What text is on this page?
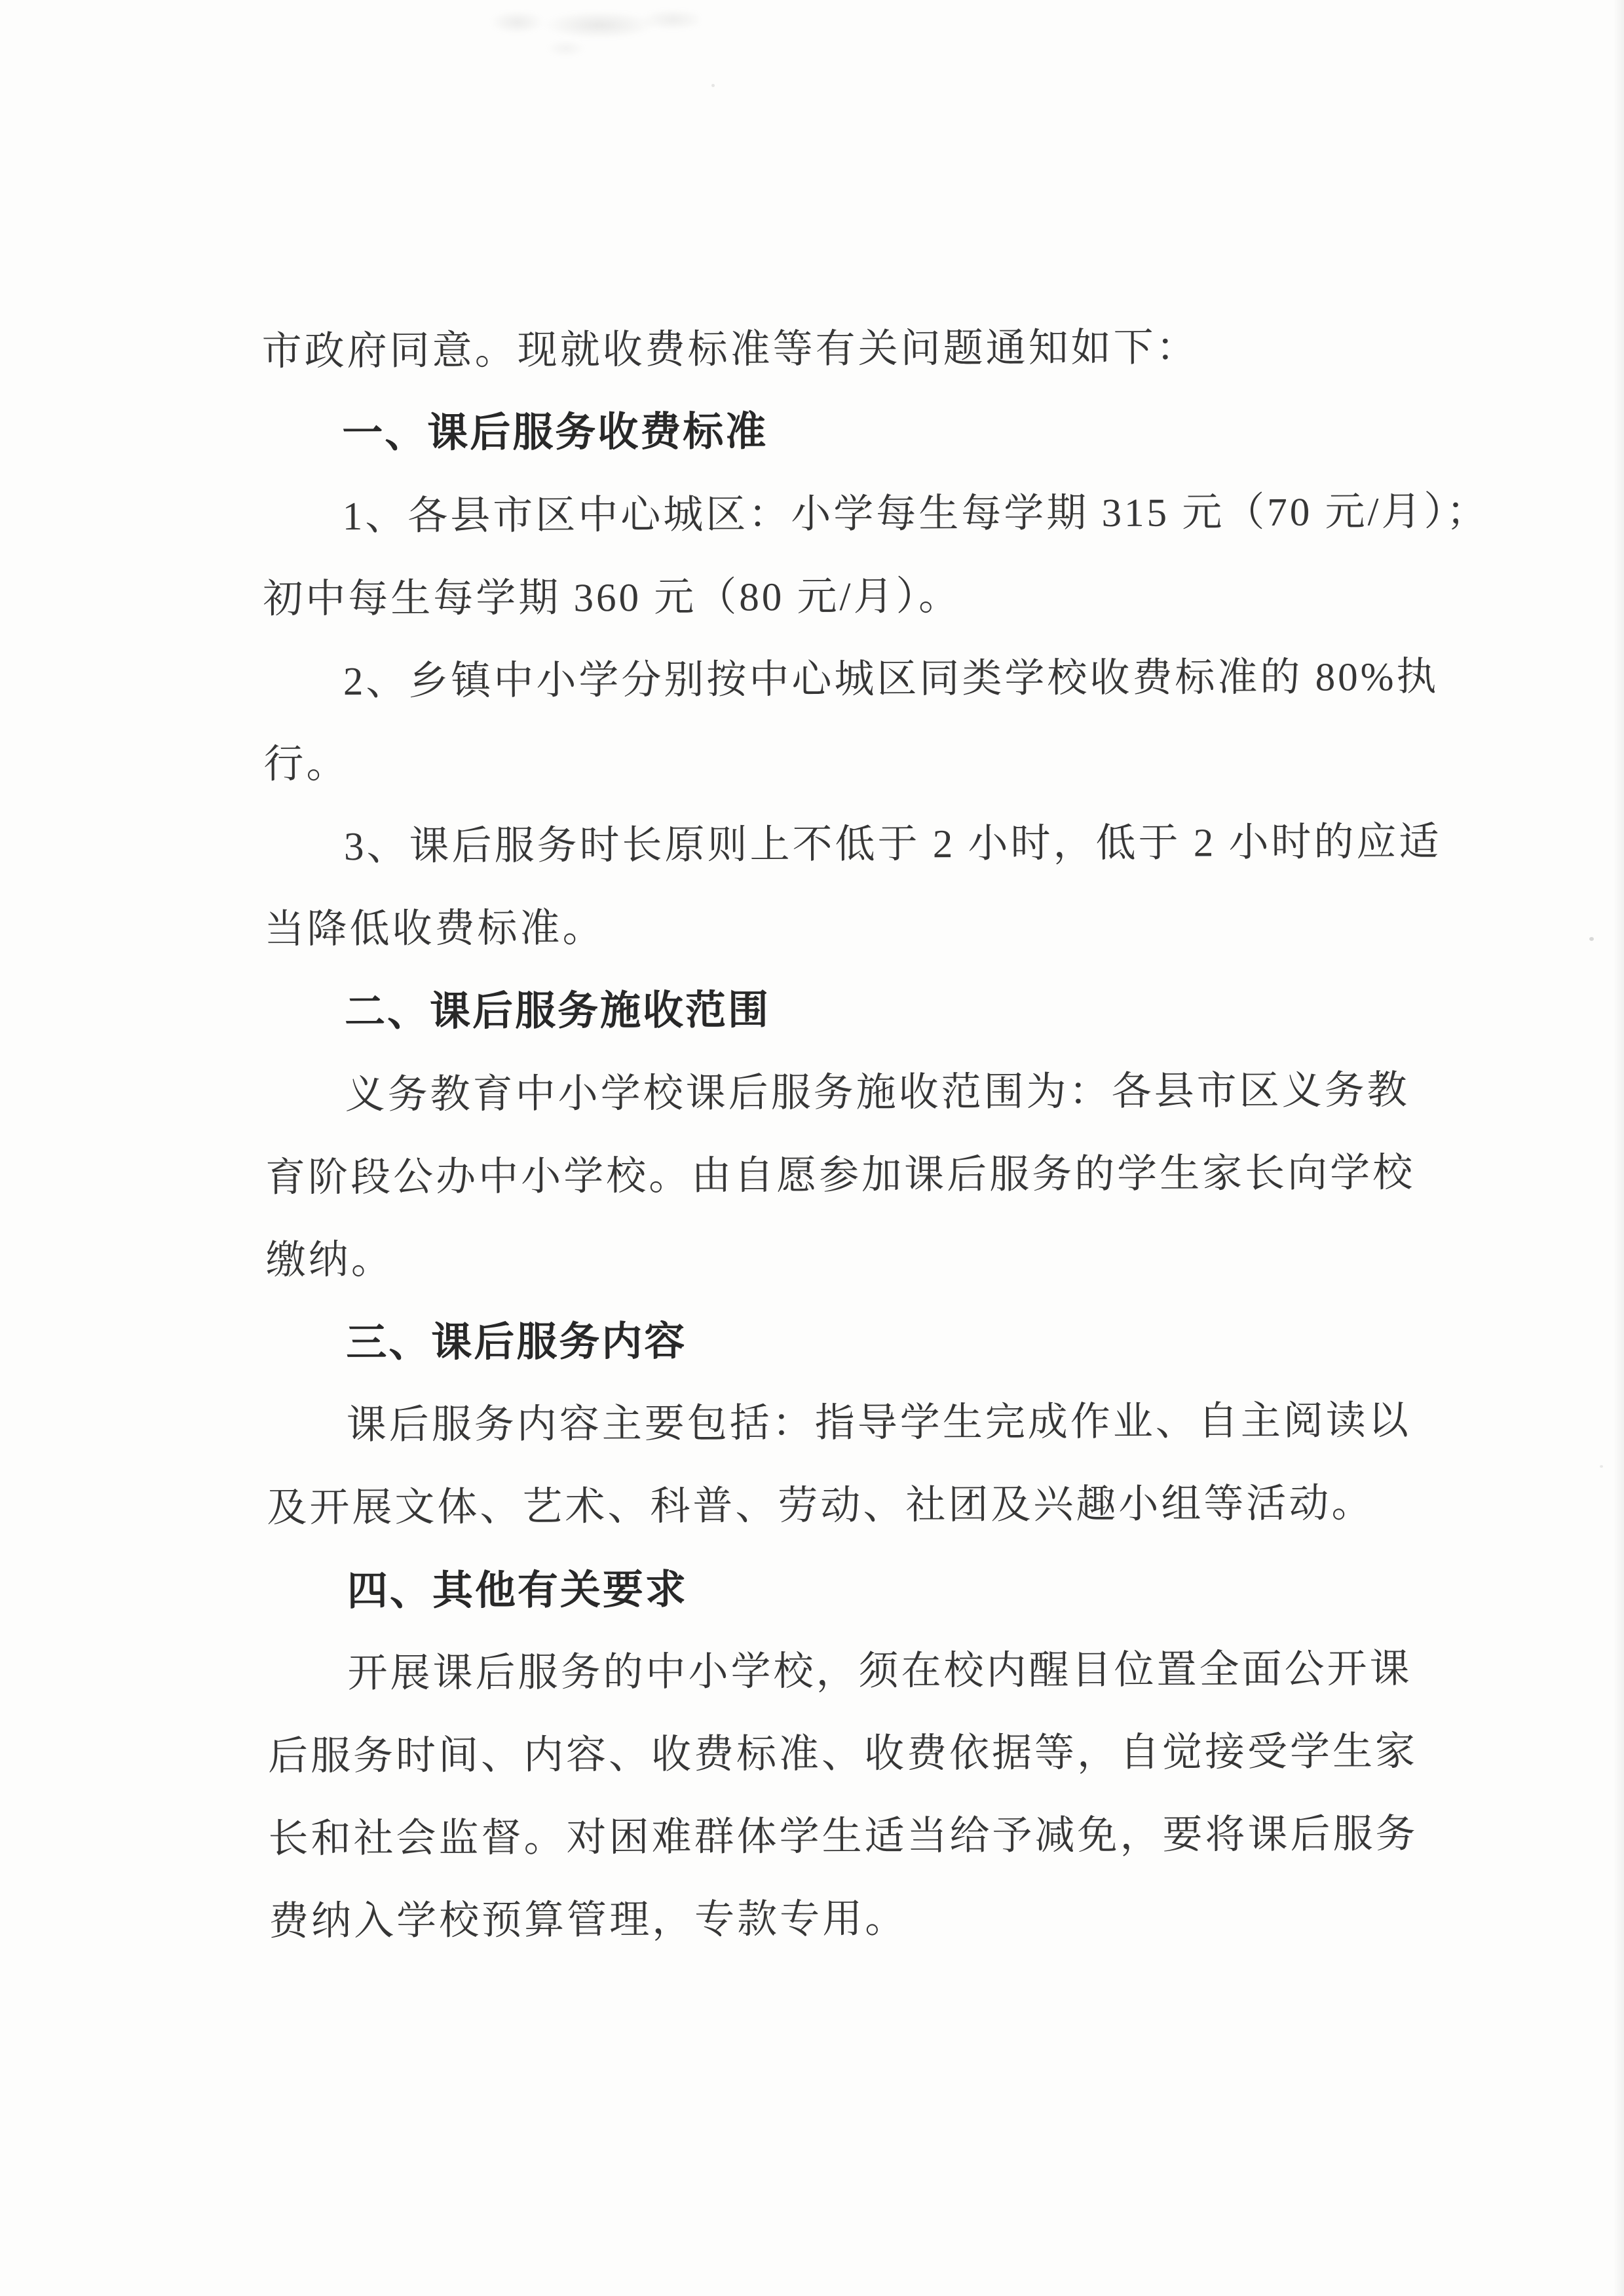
市政府同意。现就收费标准等有关问题通知如下：
一、课后服务收费标准
1、各县市区中心城区：小学每生每学期 315 元（70 元/月）；
初中每生每学期 360 元（80 元/月）。
2、乡镇中小学分别按中心城区同类学校收费标准的 80%执
行。
3、课后服务时长原则上不低于 2 小时，低于 2 小时的应适
当降低收费标准。
二、课后服务施收范围
义务教育中小学校课后服务施收范围为：各县市区义务教
育阶段公办中小学校。由自愿参加课后服务的学生家长向学校
缴纳。
三、课后服务内容
课后服务内容主要包括：指导学生完成作业、自主阅读以
及开展文体、艺术、科普、劳动、社团及兴趣小组等活动。
四、其他有关要求
开展课后服务的中小学校，须在校内醒目位置全面公开课
后服务时间、内容、收费标准、收费依据等，自觉接受学生家
长和社会监督。对困难群体学生适当给予减免，要将课后服务
费纳入学校预算管理，专款专用。
